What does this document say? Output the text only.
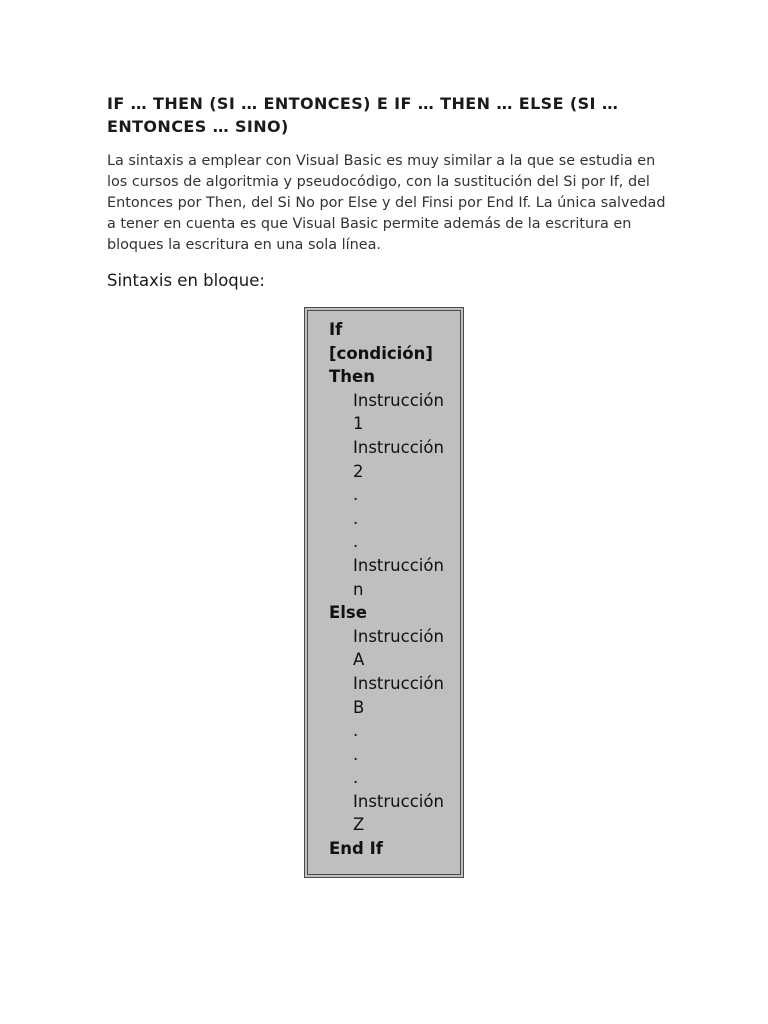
IF … THEN (SI … ENTONCES) E IF … THEN … ELSE (SI … ENTONCES … SINO)

La sintaxis a emplear con Visual Basic es muy similar a la que se estudia en los cursos de algoritmia y pseudocódigo, con la sustitución del Si por If, del Entonces por Then, del Si No por Else y del Finsi por End If. La única salvedad a tener en cuenta es que Visual Basic permite además de la escritura en bloques la escritura en una sola línea.

Sintaxis en bloque:
If
[condición]
Then
Instrucción
1
Instrucción
2
.
.
.
Instrucción
n
Else
Instrucción
A
Instrucción
B
.
.
.
Instrucción
Z
End If
